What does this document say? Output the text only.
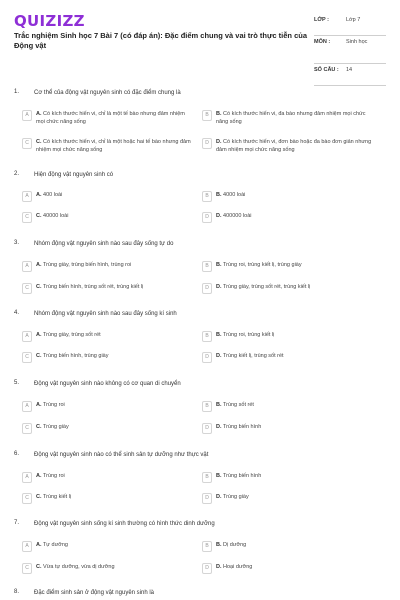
QUIZIZZ
Trắc nghiệm Sinh học 7 Bài 7 (có đáp án): Đặc điểm chung và vai trò thực tiễn của Động vật
LỚP :	Lớp 7
MÔN :	Sinh học
SỐ CÂU : 14
1. Cơ thể của động vật nguyên sinh có đặc điểm chung là
A	A. Có kích thước hiển vi, chỉ là một tế bào nhưng đảm nhiệm mọi chức năng sống
B	B. Có kích thước hiển vi, đa bào nhưng đảm nhiệm mọi chức năng sống
C	C. Có kích thước hiển vi, chỉ là một hoặc hai tế bào nhưng đảm nhiệm mọi chức năng sống
D	D. Có kích thước hiển vi, đơn bào hoặc đa bào đơn giản nhưng đảm nhiệm mọi chức năng sống
2. Hiện động vật nguyên sinh có
A	A. 400 loài	B	B. 4000 loài
C	C. 40000 loài	D	D. 400000 loài
3. Nhóm động vật nguyên sinh nào sau đây sống tự do
A	A. Trùng giày, trùng biến hình, trùng roi	B	B. Trùng roi, trùng kiết lị, trùng giày
C	C. Trùng biến hình, trùng sốt rét, trùng kiết lị	D	D. Trùng giày, trùng sốt rét, trùng kiết lị
4. Nhóm động vật nguyên sinh nào sau đây sống kí sinh
A	A. Trùng giày, trùng sốt rét	B	B. Trùng roi, trùng kiết lị
C	C. Trùng biến hình, trùng giày	D	D. Trùng kiết lị, trùng sốt rét
5. Động vật nguyên sinh nào không có cơ quan di chuyển
A	A. Trùng roi	B	B. Trùng sốt rét
C	C. Trùng giày	D	D. Trùng biến hình
6. Động vật nguyên sinh nào có thể sinh sản tự dưỡng như thực vật
A	A. Trùng roi	B	B. Trùng biến hình
C	C. Trùng kiết lị	D	D. Trùng giày
7. Động vật nguyên sinh sống kí sinh thường có hình thức dinh dưỡng
A	A. Tự dưỡng	B	B. Dị dưỡng
C	C. Vừa tự dưỡng, vừa dị dưỡng	D	D. Hoại dưỡng
8. Đặc điểm sinh sản ở động vật nguyên sinh là
